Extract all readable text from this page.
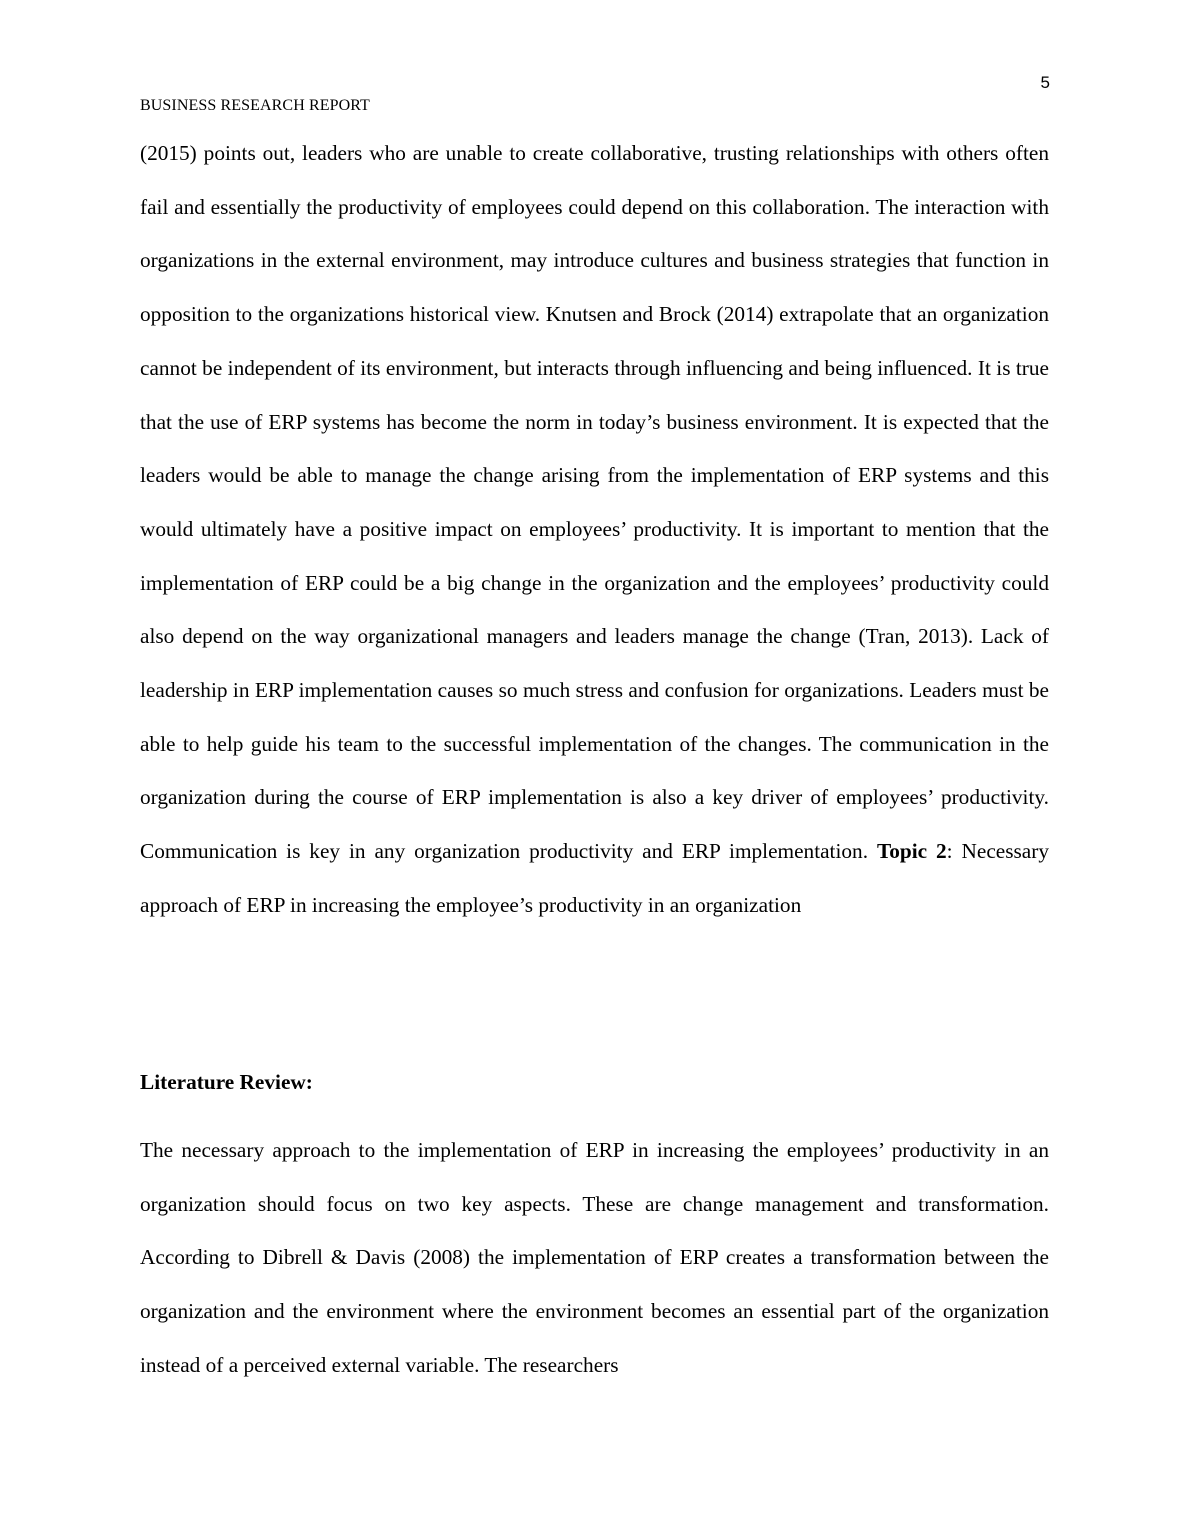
5
BUSINESS RESEARCH REPORT

(2015) points out, leaders who are unable to create collaborative, trusting relationships with others often fail and essentially the productivity of employees could depend on this collaboration. The interaction with organizations in the external environment, may introduce cultures and business strategies that function in opposition to the organizations historical view. Knutsen and Brock (2014) extrapolate that an organization cannot be independent of its environment, but interacts through influencing and being influenced. It is true that the use of ERP systems has become the norm in today’s business environment. It is expected that the leaders would be able to manage the change arising from the implementation of ERP systems and this would ultimately have a positive impact on employees’ productivity. It is important to mention that the implementation of ERP could be a big change in the organization and the employees’ productivity could also depend on the way organizational managers and leaders manage the change (Tran, 2013). Lack of leadership in ERP implementation causes so much stress and confusion for organizations. Leaders must be able to help guide his team to the successful implementation of the changes. The communication in the organization during the course of ERP implementation is also a key driver of employees’ productivity. Communication is key in any organization productivity and ERP implementation. Topic 2: Necessary approach of ERP in increasing the employee’s productivity in an organization

Literature Review:

The necessary approach to the implementation of ERP in increasing the employees’ productivity in an organization should focus on two key aspects. These are change management and transformation. According to Dibrell & Davis (2008) the implementation of ERP creates a transformation between the organization and the environment where the environment becomes an essential part of the organization instead of a perceived external variable. The researchers
